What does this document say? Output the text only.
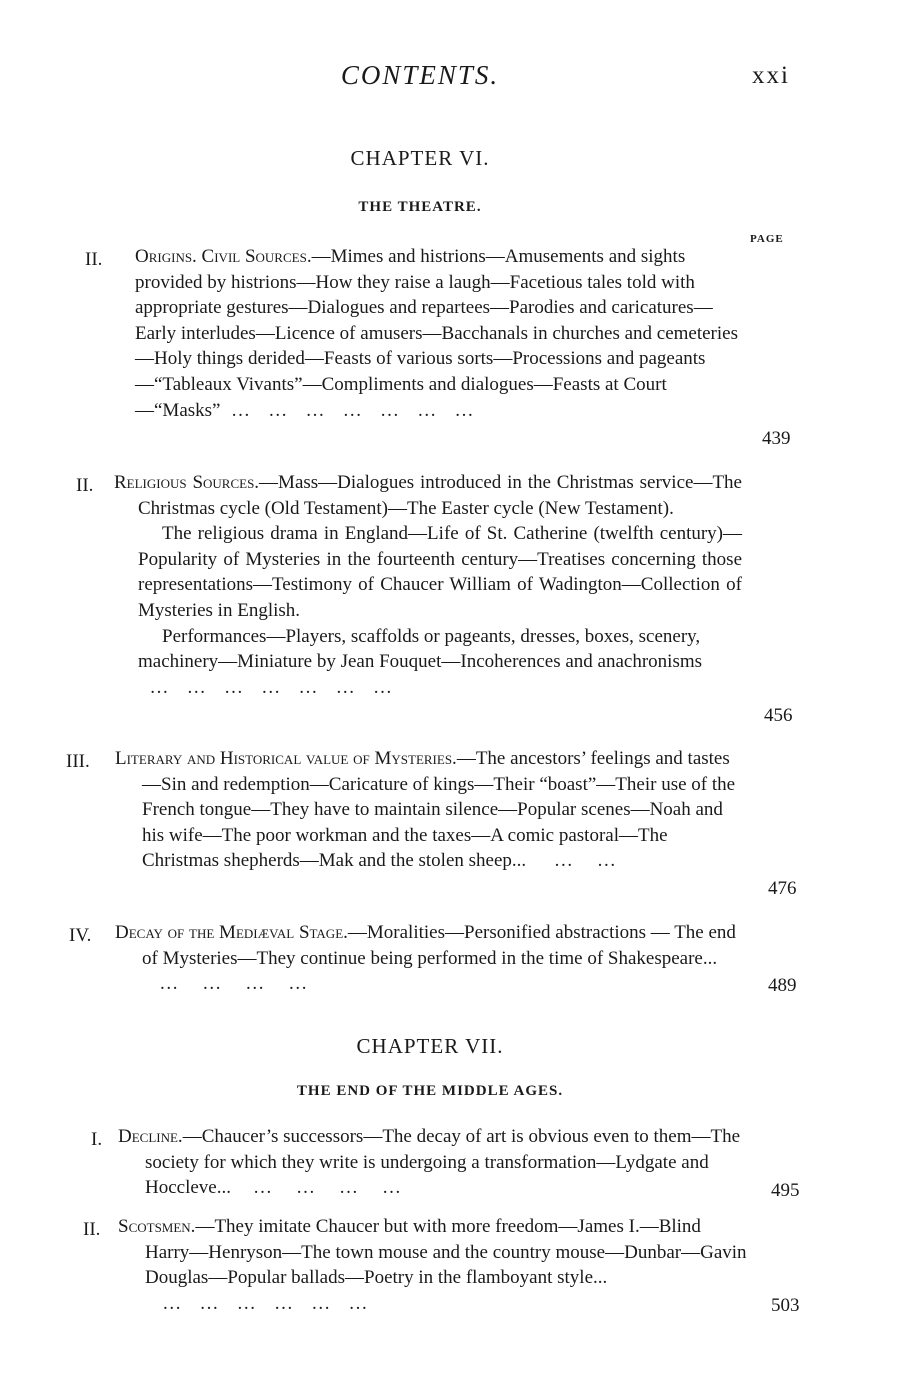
CONTENTS.	xxi
CHAPTER VI.
THE THEATRE.
PAGE
II. Origins. Civil Sources.—Mimes and histrions—Amusements and sights provided by histrions—How they raise a laugh—Facetious tales told with appropriate gestures—Dialogues and repartees—Parodies and caricatures—Early interludes—Licence of amusers—Bacchanals in churches and cemeteries—Holy things derided—Feasts of various sorts—Processions and pageants—“Tableaux Vivants”—Compliments and dialogues—Feasts at Court—“Masks”  …   …   …   …   …   …   …

439
II. Religious Sources.—Mass—Dialogues introduced in the Christmas service—The Christmas cycle (Old Testament)—The Easter cycle (New Testament).

The religious drama in England—Life of St. Catherine (twelfth century)—Popularity of Mysteries in the fourteenth century—Treatises concerning those representations—Testimony of Chaucer William of Wadington—Collection of Mysteries in English.

Performances—Players, scaffolds or pageants, dresses, boxes, scenery, machinery—Miniature by Jean Fouquet—Incoherences and anachronisms   …   …   …   …   …   …   …

456
III. Literary and Historical value of Mysteries.—The ancestors’ feelings and tastes—Sin and redemption—Caricature of kings—Their “boast”—Their use of the French tongue—They have to maintain silence—Popular scenes—Noah and his wife—The poor workman and the taxes—A comic pastoral—The Christmas shepherds—Mak and the stolen sheep...     …    …

476
IV. Decay of the Mediæval Stage.—Moralities—Personified abstractions — The end of Mysteries—They continue being performed in the time of Shakespeare...    …    …    …    …	489
CHAPTER VII.
THE END OF THE MIDDLE AGES.
I. Decline.—Chaucer’s successors—The decay of art is obvious even to them—The society for which they write is undergoing a transformation—Lydgate and Hoccleve...    …    …    …    …	495
II. Scotsmen.—They imitate Chaucer but with more freedom—James I.—Blind Harry—Henryson—The town mouse and the country mouse—Dunbar—Gavin Douglas—Popular ballads—Poetry in the flamboyant style...    …   …   …   …   …   …	503
